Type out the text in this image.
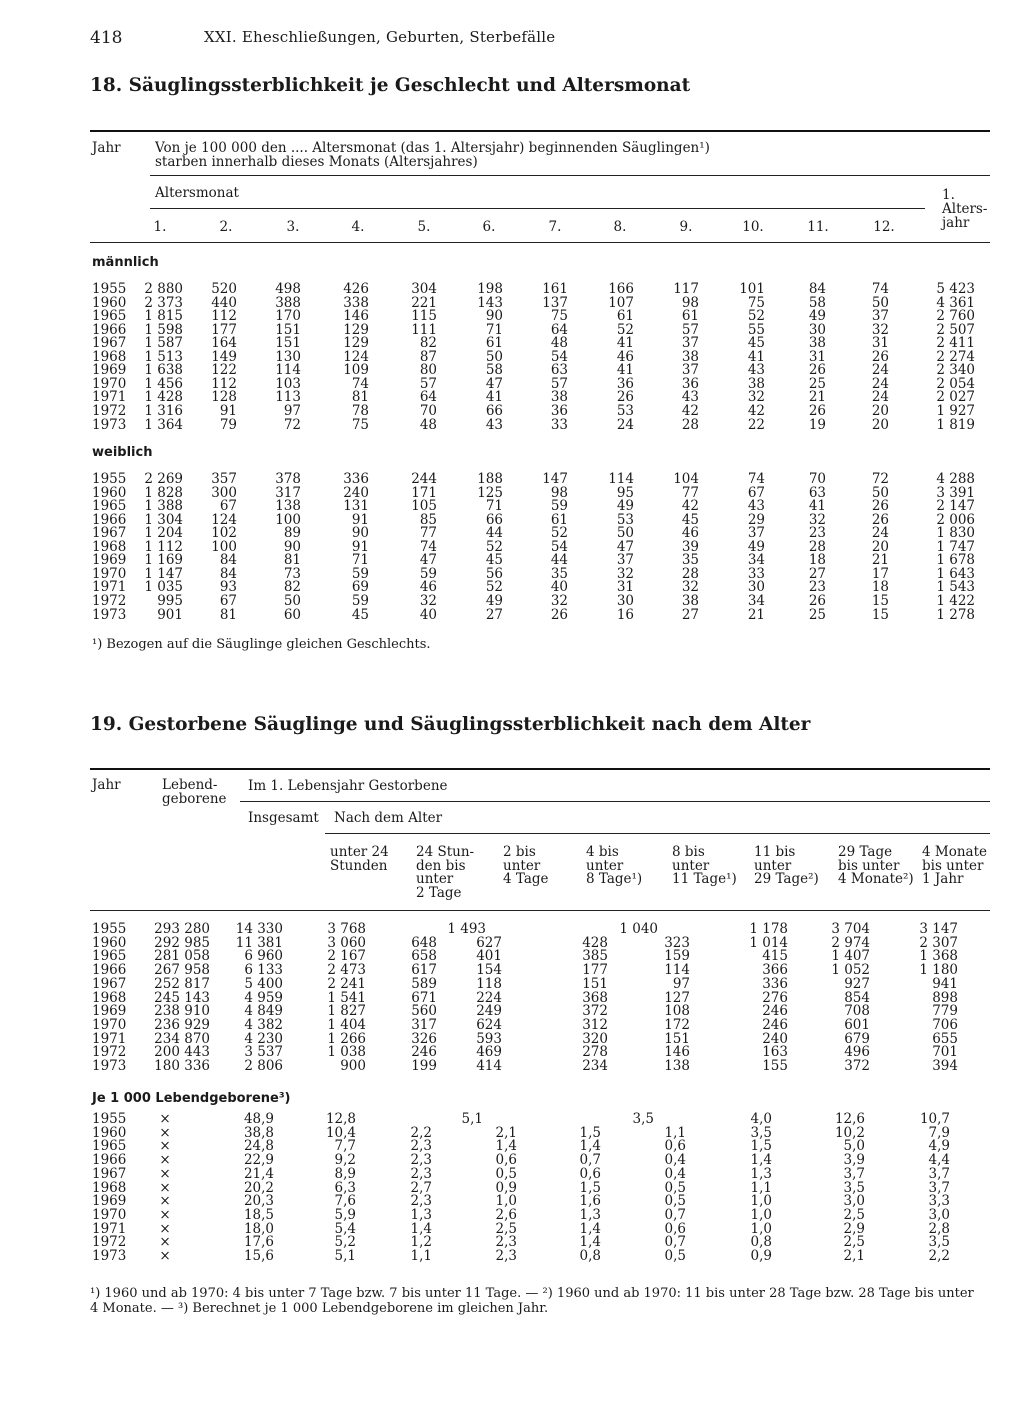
418	XXI. Eheschließungen, Geburten, Sterbefälle
18. Säuglingssterblichkeit je Geschlecht und Altersmonat
Jahr	Von je 100 000 den .... Altersmonat (das 1. Altersjahr) beginnenden Säuglingen¹)
starben innerhalb dieses Monats (Altersjahres)
Altersmonat
1.	2.	3.	4.	5.	6.	7.	8.	9.	10.	11.	12.
1.
Alters-
jahr
männlich
1955	2 880	520	498	426	304	198	161	166	117	101	84	74	5 423
1960	2 373	440	388	338	221	143	137	107	98	75	58	50	4 361
1965	1 815	112	170	146	115	90	75	61	61	52	49	37	2 760
1966	1 598	177	151	129	111	71	64	52	57	55	30	32	2 507
1967	1 587	164	151	129	82	61	48	41	37	45	38	31	2 411
1968	1 513	149	130	124	87	50	54	46	38	41	31	26	2 274
1969	1 638	122	114	109	80	58	63	41	37	43	26	24	2 340
1970	1 456	112	103	74	57	47	57	36	36	38	25	24	2 054
1971	1 428	128	113	81	64	41	38	26	43	32	21	24	2 027
1972	1 316	91	97	78	70	66	36	53	42	42	26	20	1 927
1973	1 364	79	72	75	48	43	33	24	28	22	19	20	1 819
weiblich
1955	2 269	357	378	336	244	188	147	114	104	74	70	72	4 288
1960	1 828	300	317	240	171	125	98	95	77	67	63	50	3 391
1965	1 388	67	138	131	105	71	59	49	42	43	41	26	2 147
1966	1 304	124	100	91	85	66	61	53	45	29	32	26	2 006
1967	1 204	102	89	90	77	44	52	50	46	37	23	24	1 830
1968	1 112	100	90	91	74	52	54	47	39	49	28	20	1 747
1969	1 169	84	81	71	47	45	44	37	35	34	18	21	1 678
1970	1 147	84	73	59	59	56	35	32	28	33	27	17	1 643
1971	1 035	93	82	69	46	52	40	31	32	30	23	18	1 543
1972	995	67	50	59	32	49	32	30	38	34	26	15	1 422
1973	901	81	60	45	40	27	26	16	27	21	25	15	1 278
¹) Bezogen auf die Säuglinge gleichen Geschlechts.
19. Gestorbene Säuglinge und Säuglingssterblichkeit nach dem Alter
Jahr	Lebend-
geborene
Im 1. Lebensjahr Gestorbene
Insgesamt Nach dem Alter
unter 24
Stunden
24 Stun-
den bis
unter
2 Tage
2 bis
unter
4 Tage
4 bis
unter
8 Tage¹)
8 bis
unter
11 Tage¹)
11 bis
unter
29 Tage²)
29 Tage
bis unter
4 Monate²)
4 Monate
bis unter
1 Jahr
1955	293 280	14 330	3 768	1 493	1 040	1 178	3 704	3 147
1960	292 985	11 381	3 060	648	627	428	323	1 014	2 974	2 307
1965	281 058	6 960	2 167	658	401	385	159	415	1 407	1 368
1966	267 958	6 133	2 473	617	154	177	114	366	1 052	1 180
1967	252 817	5 400	2 241	589	118	151	97	336	927	941
1968	245 143	4 959	1 541	671	224	368	127	276	854	898
1969	238 910	4 849	1 827	560	249	372	108	246	708	779
1970	236 929	4 382	1 404	317	624	312	172	246	601	706
1971	234 870	4 230	1 266	326	593	320	151	240	679	655
1972	200 443	3 537	1 038	246	469	278	146	163	496	701
1973	180 336	2 806	900	199	414	234	138	155	372	394
Je 1 000 Lebendgeborene³)
1955	×	48,9	12,8	5,1	3,5	4,0	12,6	10,7
1960	×	38,8	10,4	2,2	2,1	1,5	1,1	3,5	10,2	7,9
1965	×	24,8	7,7	2,3	1,4	1,4	0,6	1,5	5,0	4,9
1966	×	22,9	9,2	2,3	0,6	0,7	0,4	1,4	3,9	4,4
1967	×	21,4	8,9	2,3	0,5	0,6	0,4	1,3	3,7	3,7
1968	×	20,2	6,3	2,7	0,9	1,5	0,5	1,1	3,5	3,7
1969	×	20,3	7,6	2,3	1,0	1,6	0,5	1,0	3,0	3,3
1970	×	18,5	5,9	1,3	2,6	1,3	0,7	1,0	2,5	3,0
1971	×	18,0	5,4	1,4	2,5	1,4	0,6	1,0	2,9	2,8
1972	×	17,6	5,2	1,2	2,3	1,4	0,7	0,8	2,5	3,5
1973	×	15,6	5,1	1,1	2,3	0,8	0,5	0,9	2,1	2,2
¹) 1960 und ab 1970: 4 bis unter 7 Tage bzw. 7 bis unter 11 Tage. — ²) 1960 und ab 1970: 11 bis unter 28 Tage bzw. 28 Tage bis unter
4 Monate. — ³) Berechnet je 1 000 Lebendgeborene im gleichen Jahr.
